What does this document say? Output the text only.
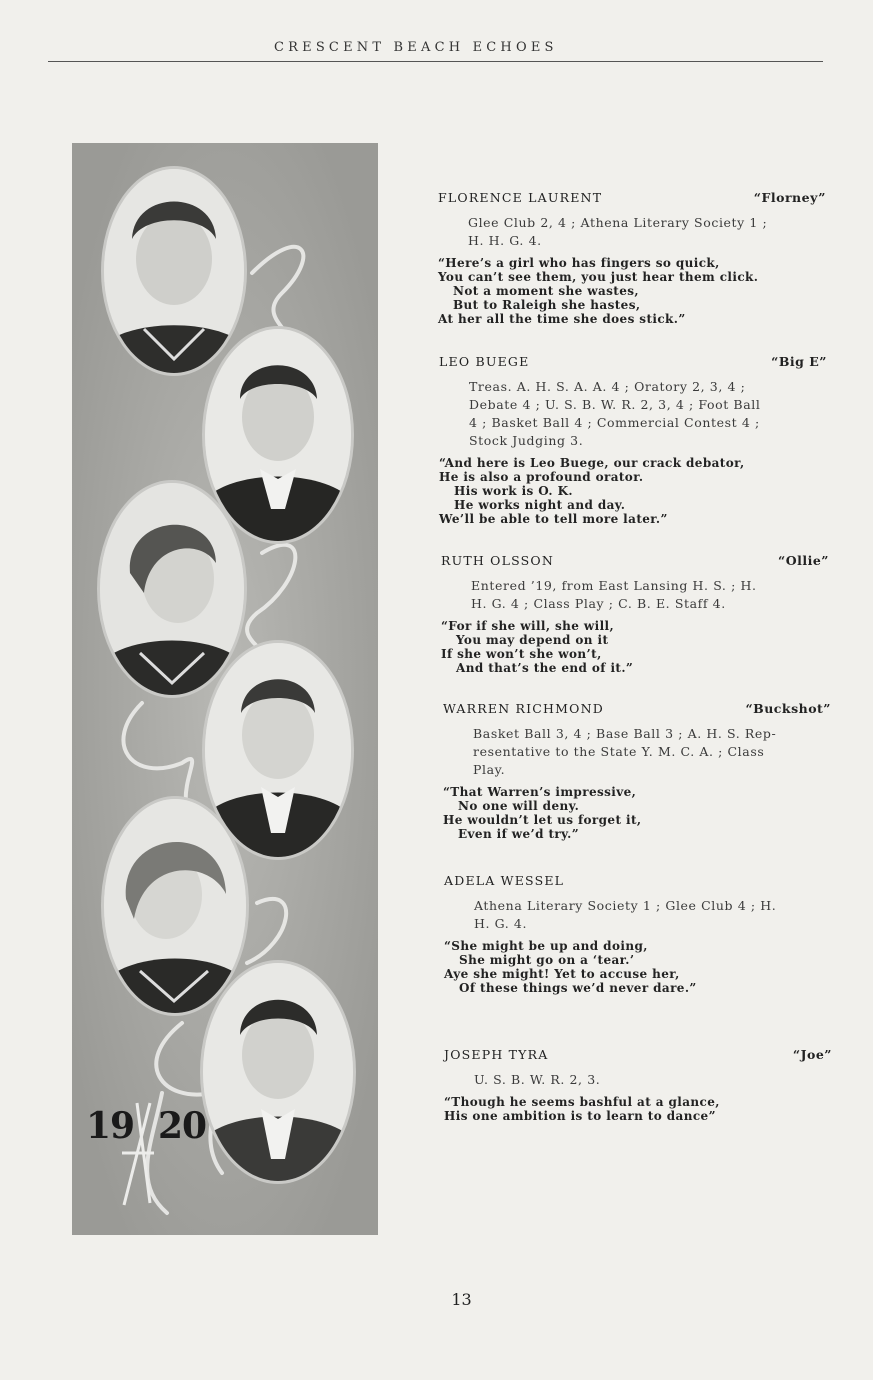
CRESCENT BEACH ECHOES
19 20
FLORENCE LAURENT	“Florney”
Glee Club 2, 4 ; Athena Literary Society 1 ;
H. H. G. 4.
“Here’s a girl who has fingers so quick,
You can’t see them, you just hear them click.
Not a moment she wastes,
But to Raleigh she hastes,
At her all the time she does stick.”
LEO BUEGE	“Big E”
Treas. A. H. S. A. A. 4 ; Oratory 2, 3, 4 ;
Debate 4 ; U. S. B. W. R. 2, 3, 4 ; Foot Ball
4 ; Basket Ball 4 ; Commercial Contest 4 ;
Stock Judging 3.
“And here is Leo Buege, our crack debator,
He is also a profound orator.
His work is O. K.
He works night and day.
We’ll be able to tell more later.”
RUTH OLSSON	“Ollie”
Entered ’19, from East Lansing H. S. ; H.
H. G. 4 ; Class Play ; C. B. E. Staff 4.
“For if she will, she will,
You may depend on it
If she won’t she won’t,
And that’s the end of it.”
WARREN RICHMOND	“Buckshot”
Basket Ball 3, 4 ; Base Ball 3 ; A. H. S. Rep-
resentative to the State Y. M. C. A. ; Class
Play.
“That Warren’s impressive,
No one will deny.
He wouldn’t let us forget it,
Even if we’d try.”
ADELA WESSEL
Athena Literary Society 1 ; Glee Club 4 ; H.
H. G. 4.
“She might be up and doing,
She might go on a ‘tear.’
Aye she might! Yet to accuse her,
Of these things we’d never dare.”
JOSEPH TYRA	“Joe”
U. S. B. W. R. 2, 3.
“Though he seems bashful at a glance,
His one ambition is to learn to dance”
13
